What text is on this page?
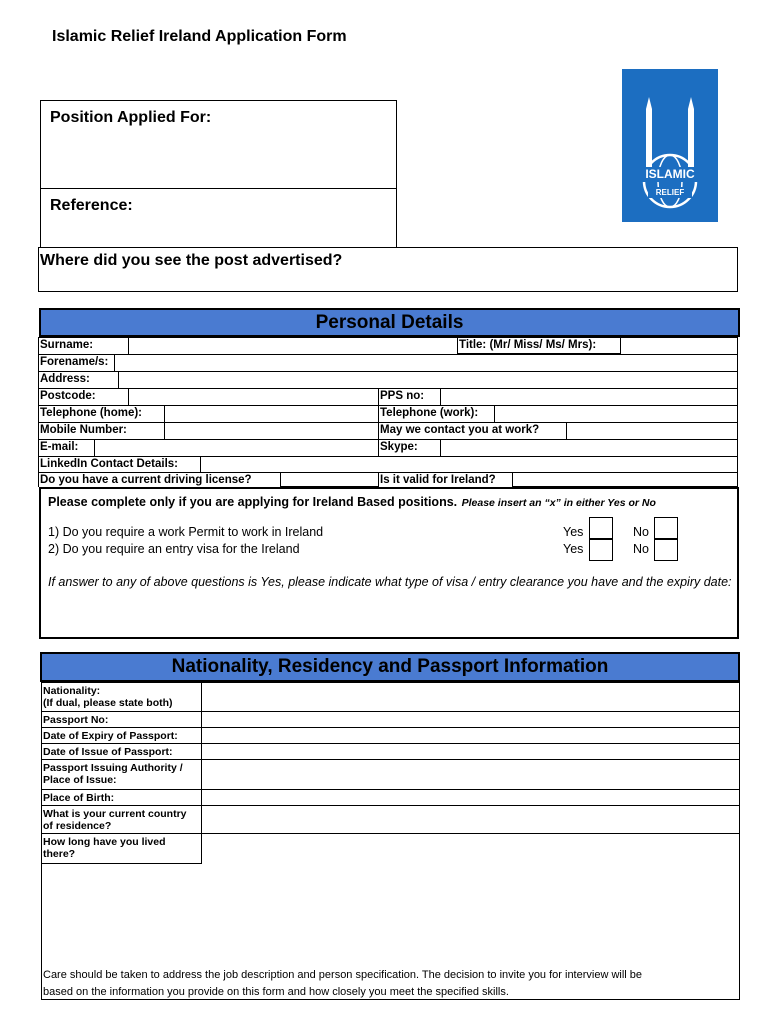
Islamic Relief Ireland Application Form
ISLAMIC
RELIEF
Position Applied For:
Reference:
Where did you see the post advertised?
Personal Details
Surname:	Title: (Mr/ Miss/ Ms/ Mrs):
Forename/s:
Address:
Postcode:	PPS no:
Telephone (home):	Telephone (work):
Mobile Number:	May we contact you at work?
E-mail:	Skype:
LinkedIn Contact Details:
Do you have a current driving license?	Is it valid for Ireland?
Please complete only if you are applying for Ireland Based positions. Please insert an “x” in either Yes or No
1) Do you require a work Permit to work in Ireland
2) Do you require an entry visa for the Ireland
Yes	No
Yes	No
If answer to any of above questions is Yes, please indicate what type of visa / entry clearance you have and the expiry date:
Nationality, Residency and Passport Information
Nationality:
(If dual, please state both)
Passport No:
Date of Expiry of Passport:
Date of Issue of Passport:
Passport Issuing Authority /
Place of Issue:
Place of Birth:
What is your current country
of residence?
How long have you lived
there?
Care should be taken to address the job description and person specification. The decision to invite you for interview will be
based on the information you provide on this form and how closely you meet the specified skills.
